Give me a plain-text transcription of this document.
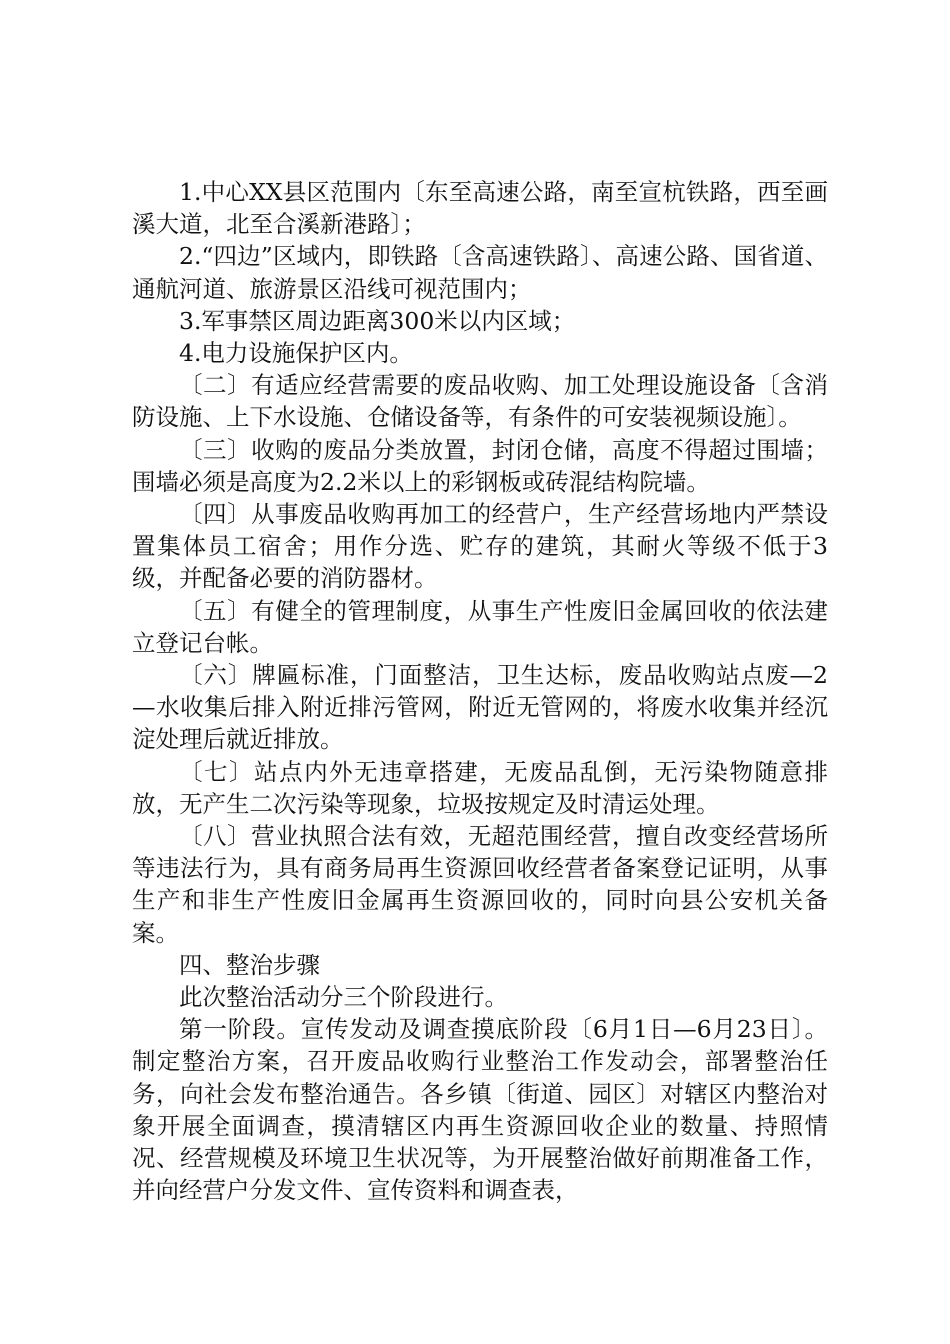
1.中心XX县区范围内〔东至高速公路，南至宣杭铁路，西至画溪大道，北至合溪新港路〕；

2.“四边”区域内，即铁路〔含高速铁路〕、高速公路、国省道、通航河道、旅游景区沿线可视范围内；

3.军事禁区周边距离300米以内区域；

4.电力设施保护区内。

〔二〕有适应经营需要的废品收购、加工处理设施设备〔含消防设施、上下水设施、仓储设备等，有条件的可安装视频设施〕。

〔三〕收购的废品分类放置，封闭仓储，高度不得超过围墙；围墙必须是高度为2.2米以上的彩钢板或砖混结构院墙。

〔四〕从事废品收购再加工的经营户，生产经营场地内严禁设置集体员工宿舍；用作分选、贮存的建筑，其耐火等级不低于3级，并配备必要的消防器材。

〔五〕有健全的管理制度，从事生产性废旧金属回收的依法建立登记台帐。

〔六〕牌匾标准，门面整洁，卫生达标，废品收购站点废—2—水收集后排入附近排污管网，附近无管网的，将废水收集并经沉淀处理后就近排放。

〔七〕站点内外无违章搭建，无废品乱倒，无污染物随意排放，无产生二次污染等现象，垃圾按规定及时清运处理。

〔八〕营业执照合法有效，无超范围经营，擅自改变经营场所等违法行为，具有商务局再生资源回收经营者备案登记证明，从事生产和非生产性废旧金属再生资源回收的，同时向县公安机关备案。

四、整治步骤

此次整治活动分三个阶段进行。

第一阶段。宣传发动及调查摸底阶段〔6月1日—6月23日〕。制定整治方案，召开废品收购行业整治工作发动会，部署整治任务，向社会发布整治通告。各乡镇〔街道、园区〕对辖区内整治对象开展全面调查，摸清辖区内再生资源回收企业的数量、持照情况、经营规模及环境卫生状况等，为开展整治做好前期准备工作，并向经营户分发文件、宣传资料和调查表，
